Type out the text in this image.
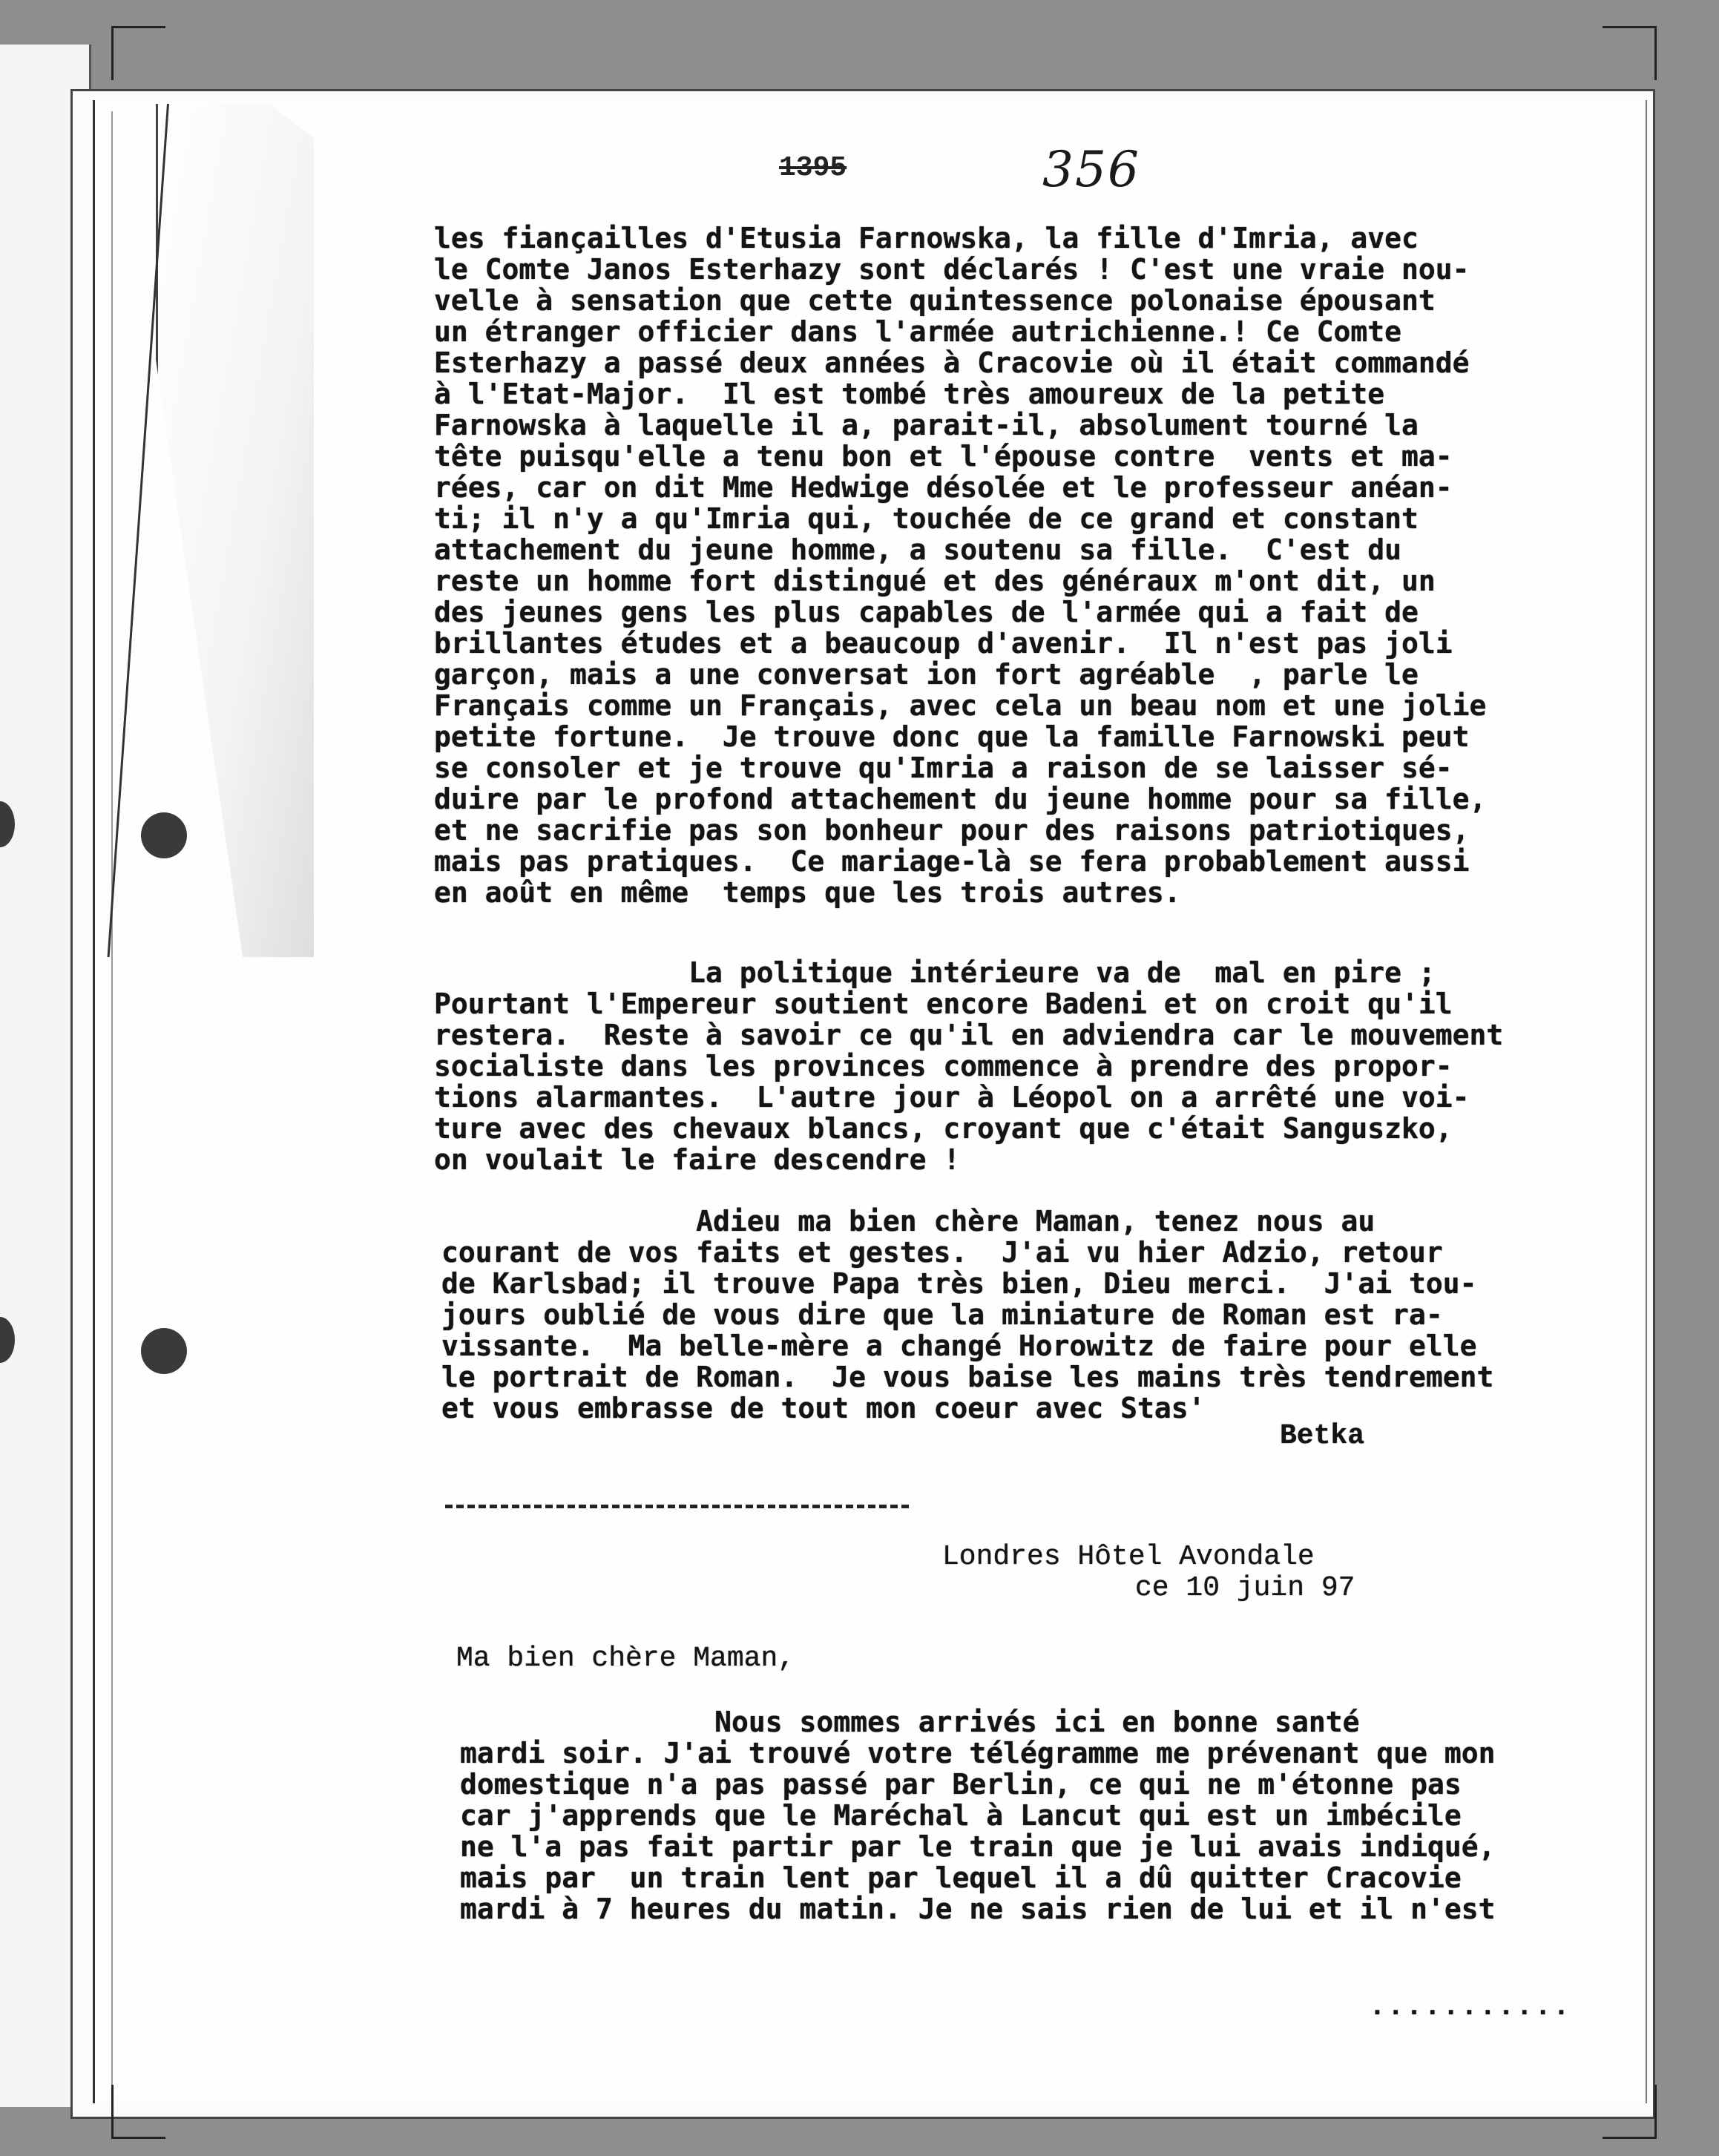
1395	356
les fiançailles d'Etusia Farnowska, la fille d'Imria, avec
le Comte Janos Esterhazy sont déclarés ! C'est une vraie nou-
velle à sensation que cette quintessence polonaise épousant
un étranger officier dans l'armée autrichienne.! Ce Comte
Esterhazy a passé deux années à Cracovie où il était commandé
à l'Etat-Major.  Il est tombé très amoureux de la petite
Farnowska à laquelle il a, parait-il, absolument tourné la
tête puisqu'elle a tenu bon et l'épouse contre  vents et ma-
rées, car on dit Mme Hedwige désolée et le professeur anéan-
ti; il n'y a qu'Imria qui, touchée de ce grand et constant
attachement du jeune homme, a soutenu sa fille.  C'est du
reste un homme fort distingué et des généraux m'ont dit, un
des jeunes gens les plus capables de l'armée qui a fait de
brillantes études et a beaucoup d'avenir.  Il n'est pas joli
garçon, mais a une conversat ion fort agréable  , parle le
Français comme un Français, avec cela un beau nom et une jolie
petite fortune.  Je trouve donc que la famille Farnowski peut
se consoler et je trouve qu'Imria a raison de se laisser sé-
duire par le profond attachement du jeune homme pour sa fille,
et ne sacrifie pas son bonheur pour des raisons patriotiques,
mais pas pratiques.  Ce mariage-là se fera probablement aussi
en août en même  temps que les trois autres.
La politique intérieure va de  mal en pire ;
Pourtant l'Empereur soutient encore Badeni et on croit qu'il
restera.  Reste à savoir ce qu'il en adviendra car le mouvement
socialiste dans les provinces commence à prendre des propor-
tions alarmantes.  L'autre jour à Léopol on a arrêté une voi-
ture avec des chevaux blancs, croyant que c'était Sanguszko,
on voulait le faire descendre !
Adieu ma bien chère Maman, tenez nous au
courant de vos faits et gestes.  J'ai vu hier Adzio, retour
de Karlsbad; il trouve Papa très bien, Dieu merci.  J'ai tou-
jours oublié de vous dire que la miniature de Roman est ra-
vissante.  Ma belle-mère a changé Horowitz de faire pour elle
le portrait de Roman.  Je vous baise les mains très tendrement
et vous embrasse de tout mon coeur avec Stas'
Betka
Londres Hôtel Avondale
ce 10 juin 97
Ma bien chère Maman,
Nous sommes arrivés ici en bonne santé
mardi soir. J'ai trouvé votre télégramme me prévenant que mon
domestique n'a pas passé par Berlin, ce qui ne m'étonne pas
car j'apprends que le Maréchal à Lancut qui est un imbécile
ne l'a pas fait partir par le train que je lui avais indiqué,
mais par  un train lent par lequel il a dû quitter Cracovie
mardi à 7 heures du matin. Je ne sais rien de lui et il n'est
...........
